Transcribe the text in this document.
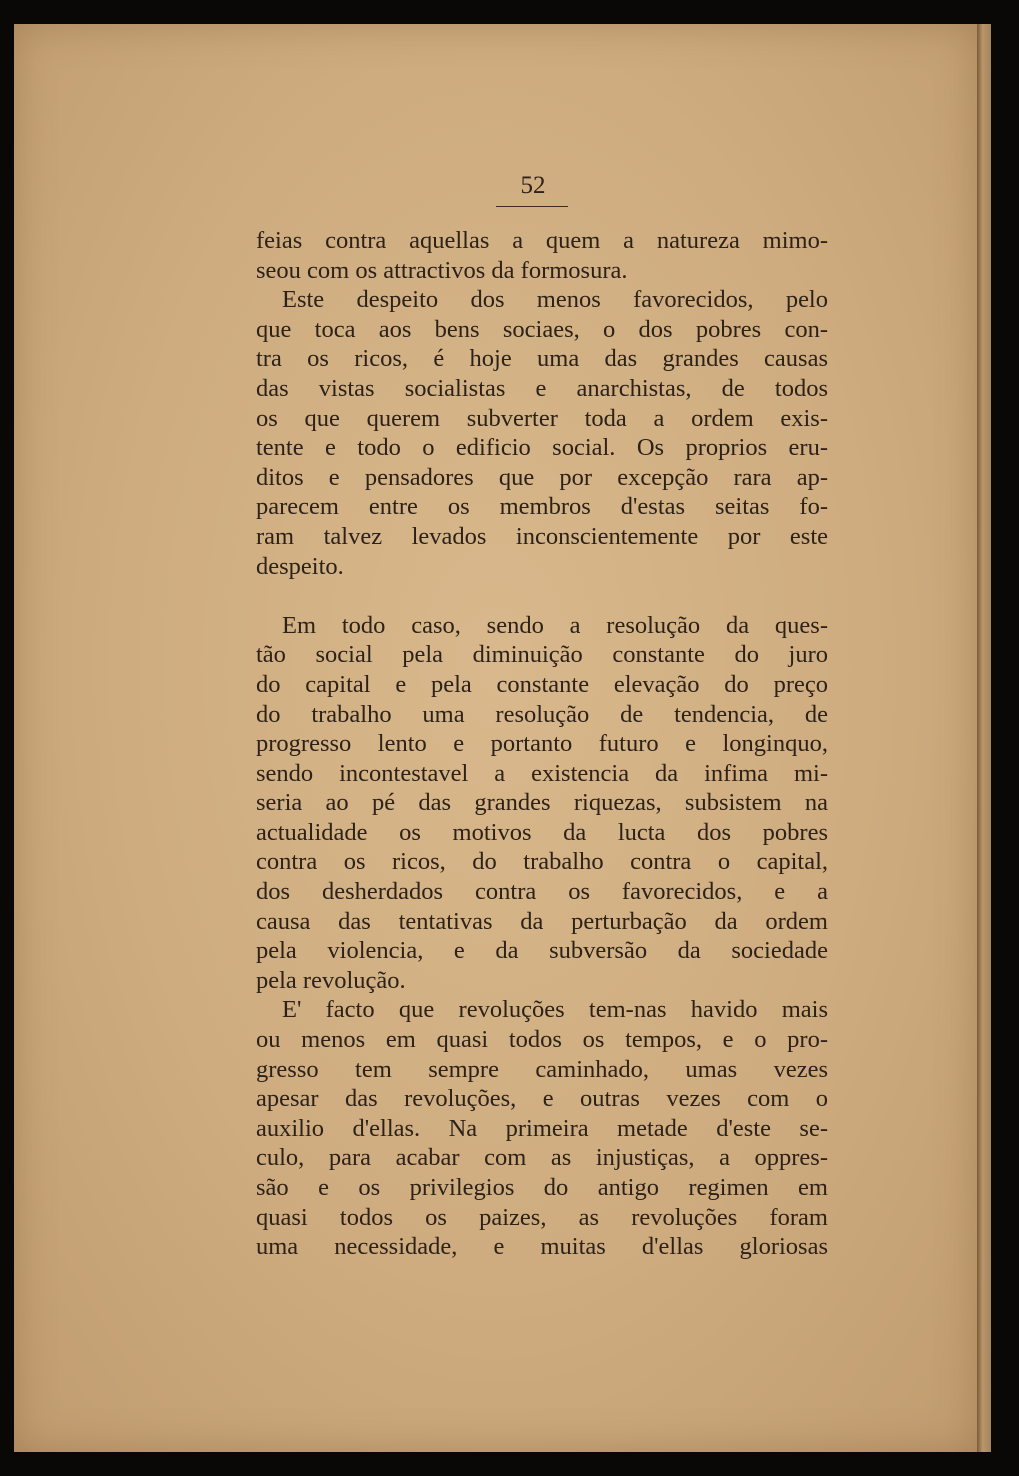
52
feias contra aquellas a quem a natureza mimo-
seou com os attractivos da formosura.
Este despeito dos menos favorecidos, pelo
que toca aos bens sociaes, o dos pobres con-
tra os ricos, é hoje uma das grandes causas
das vistas socialistas e anarchistas, de todos
os que querem subverter toda a ordem exis-
tente e todo o edificio social. Os proprios eru-
ditos e pensadores que por excepção rara ap-
parecem entre os membros d'estas seitas fo-
ram talvez levados inconscientemente por este
despeito.
Em todo caso, sendo a resolução da ques-
tão social pela diminuição constante do juro
do capital e pela constante elevação do preço
do trabalho uma resolução de tendencia, de
progresso lento e portanto futuro e longinquo,
sendo incontestavel a existencia da infima mi-
seria ao pé das grandes riquezas, subsistem na
actualidade os motivos da lucta dos pobres
contra os ricos, do trabalho contra o capital,
dos desherdados contra os favorecidos, e a
causa das tentativas da perturbação da ordem
pela violencia, e da subversão da sociedade
pela revolução.
E' facto que revoluções tem-nas havido mais
ou menos em quasi todos os tempos, e o pro-
gresso tem sempre caminhado, umas vezes
apesar das revoluções, e outras vezes com o
auxilio d'ellas. Na primeira metade d'este se-
culo, para acabar com as injustiças, a oppres-
são e os privilegios do antigo regimen em
quasi todos os paizes, as revoluções foram
uma necessidade, e muitas d'ellas gloriosas
